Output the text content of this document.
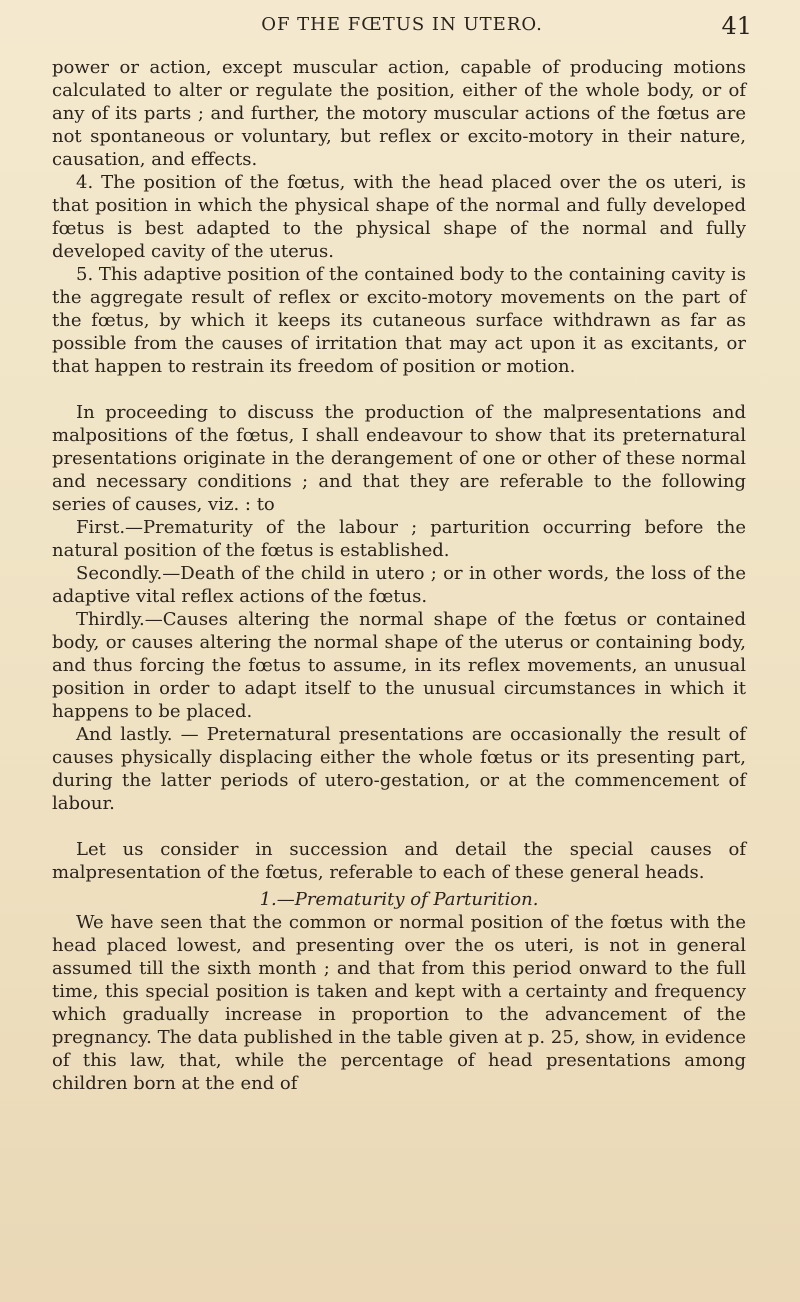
OF THE FŒTUS IN UTERO.	41

power or action, except muscular action, capable of producing motions calculated to alter or regulate the position, either of the whole body, or of any of its parts ; and further, the motory muscular actions of the fœtus are not spontaneous or voluntary, but reflex or excito-motory in their nature, causation, and effects.

4. The position of the fœtus, with the head placed over the os uteri, is that position in which the physical shape of the normal and fully developed fœtus is best adapted to the physical shape of the normal and fully developed cavity of the uterus.

5. This adaptive position of the contained body to the containing cavity is the aggregate result of reflex or excito-motory movements on the part of the fœtus, by which it keeps its cutaneous surface withdrawn as far as possible from the causes of irritation that may act upon it as excitants, or that happen to restrain its freedom of position or motion.

In proceeding to discuss the production of the malpresentations and malpositions of the fœtus, I shall endeavour to show that its preternatural presentations originate in the derangement of one or other of these normal and necessary conditions ; and that they are referable to the following series of causes, viz. : to

First.—Prematurity of the labour ; parturition occurring before the natural position of the fœtus is established.

Secondly.—Death of the child in utero ; or in other words, the loss of the adaptive vital reflex actions of the fœtus.

Thirdly.—Causes altering the normal shape of the fœtus or contained body, or causes altering the normal shape of the uterus or containing body, and thus forcing the fœtus to assume, in its reflex movements, an unusual position in order to adapt itself to the unusual circumstances in which it happens to be placed.

And lastly. — Preternatural presentations are occasionally the result of causes physically displacing either the whole fœtus or its presenting part, during the latter periods of utero-gestation, or at the commencement of labour.

Let us consider in succession and detail the special causes of malpresentation of the fœtus, referable to each of these general heads.

1.—Prematurity of Parturition.

We have seen that the common or normal position of the fœtus with the head placed lowest, and presenting over the os uteri, is not in general assumed till the sixth month ; and that from this period onward to the full time, this special position is taken and kept with a certainty and frequency which gradually increase in proportion to the advancement of the pregnancy. The data published in the table given at p. 25, show, in evidence of this law, that, while the percentage of head presentations among children born at the end of
